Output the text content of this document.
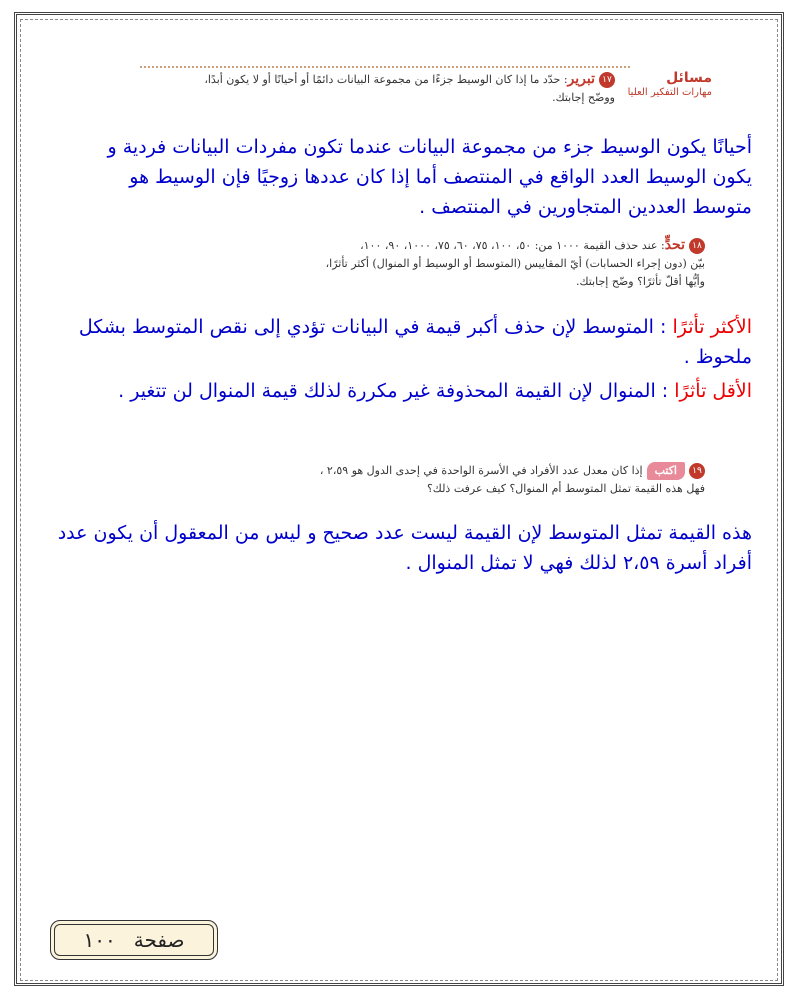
مسائل
مهارات التفكير العليا
١٧تبرير: حدّد ما إذا كان الوسيط جزءًا من مجموعة البيانات دائمًا أو أحيانًا أو لا يكون أبدًا،
ووضّح إجابتك.
أحيانًا يكون الوسيط جزء من مجموعة البيانات عندما تكون مفردات البيانات فردية و
يكون الوسيط العدد الواقع في المنتصف أما إذا كان عددها زوجيًا فإن الوسيط هو
متوسط العددين المتجاورين في المنتصف .
١٨تحدٍّ: عند حذف القيمة ١٠٠٠ من: ٥٠، ١٠٠، ٧٥، ٦٠، ٧٥، ١٠٠٠، ٩٠، ١٠٠،
بيّن (دون إجراء الحسابات) أيّ المقاييس (المتوسط أو الوسيط أو المنوال) أكثر تأثرًا،
وأيُّها أقلّ تأثرًا؟ وضّح إجابتك.
الأكثر تأثرًا : المتوسط لإن حذف أكبر قيمة في البيانات تؤدي إلى نقص المتوسط بشكل
ملحوظ .
الأقل تأثرًا : المنوال لإن القيمة المحذوفة غير مكررة لذلك قيمة المنوال لن تتغير .
١٩اكتبإذا كان معدل عدد الأفراد في الأسرة الواحدة في إحدى الدول هو ٢،٥٩ ،
فهل هذه القيمة تمثل المتوسط أم المنوال؟ كيف عرفت ذلك؟
هذه القيمة تمثل المتوسط لإن القيمة ليست عدد صحيح و ليس من المعقول أن يكون عدد
أفراد أسرة ٢،٥٩ لذلك فهي لا تمثل المنوال .
صفحة
١٠٠
